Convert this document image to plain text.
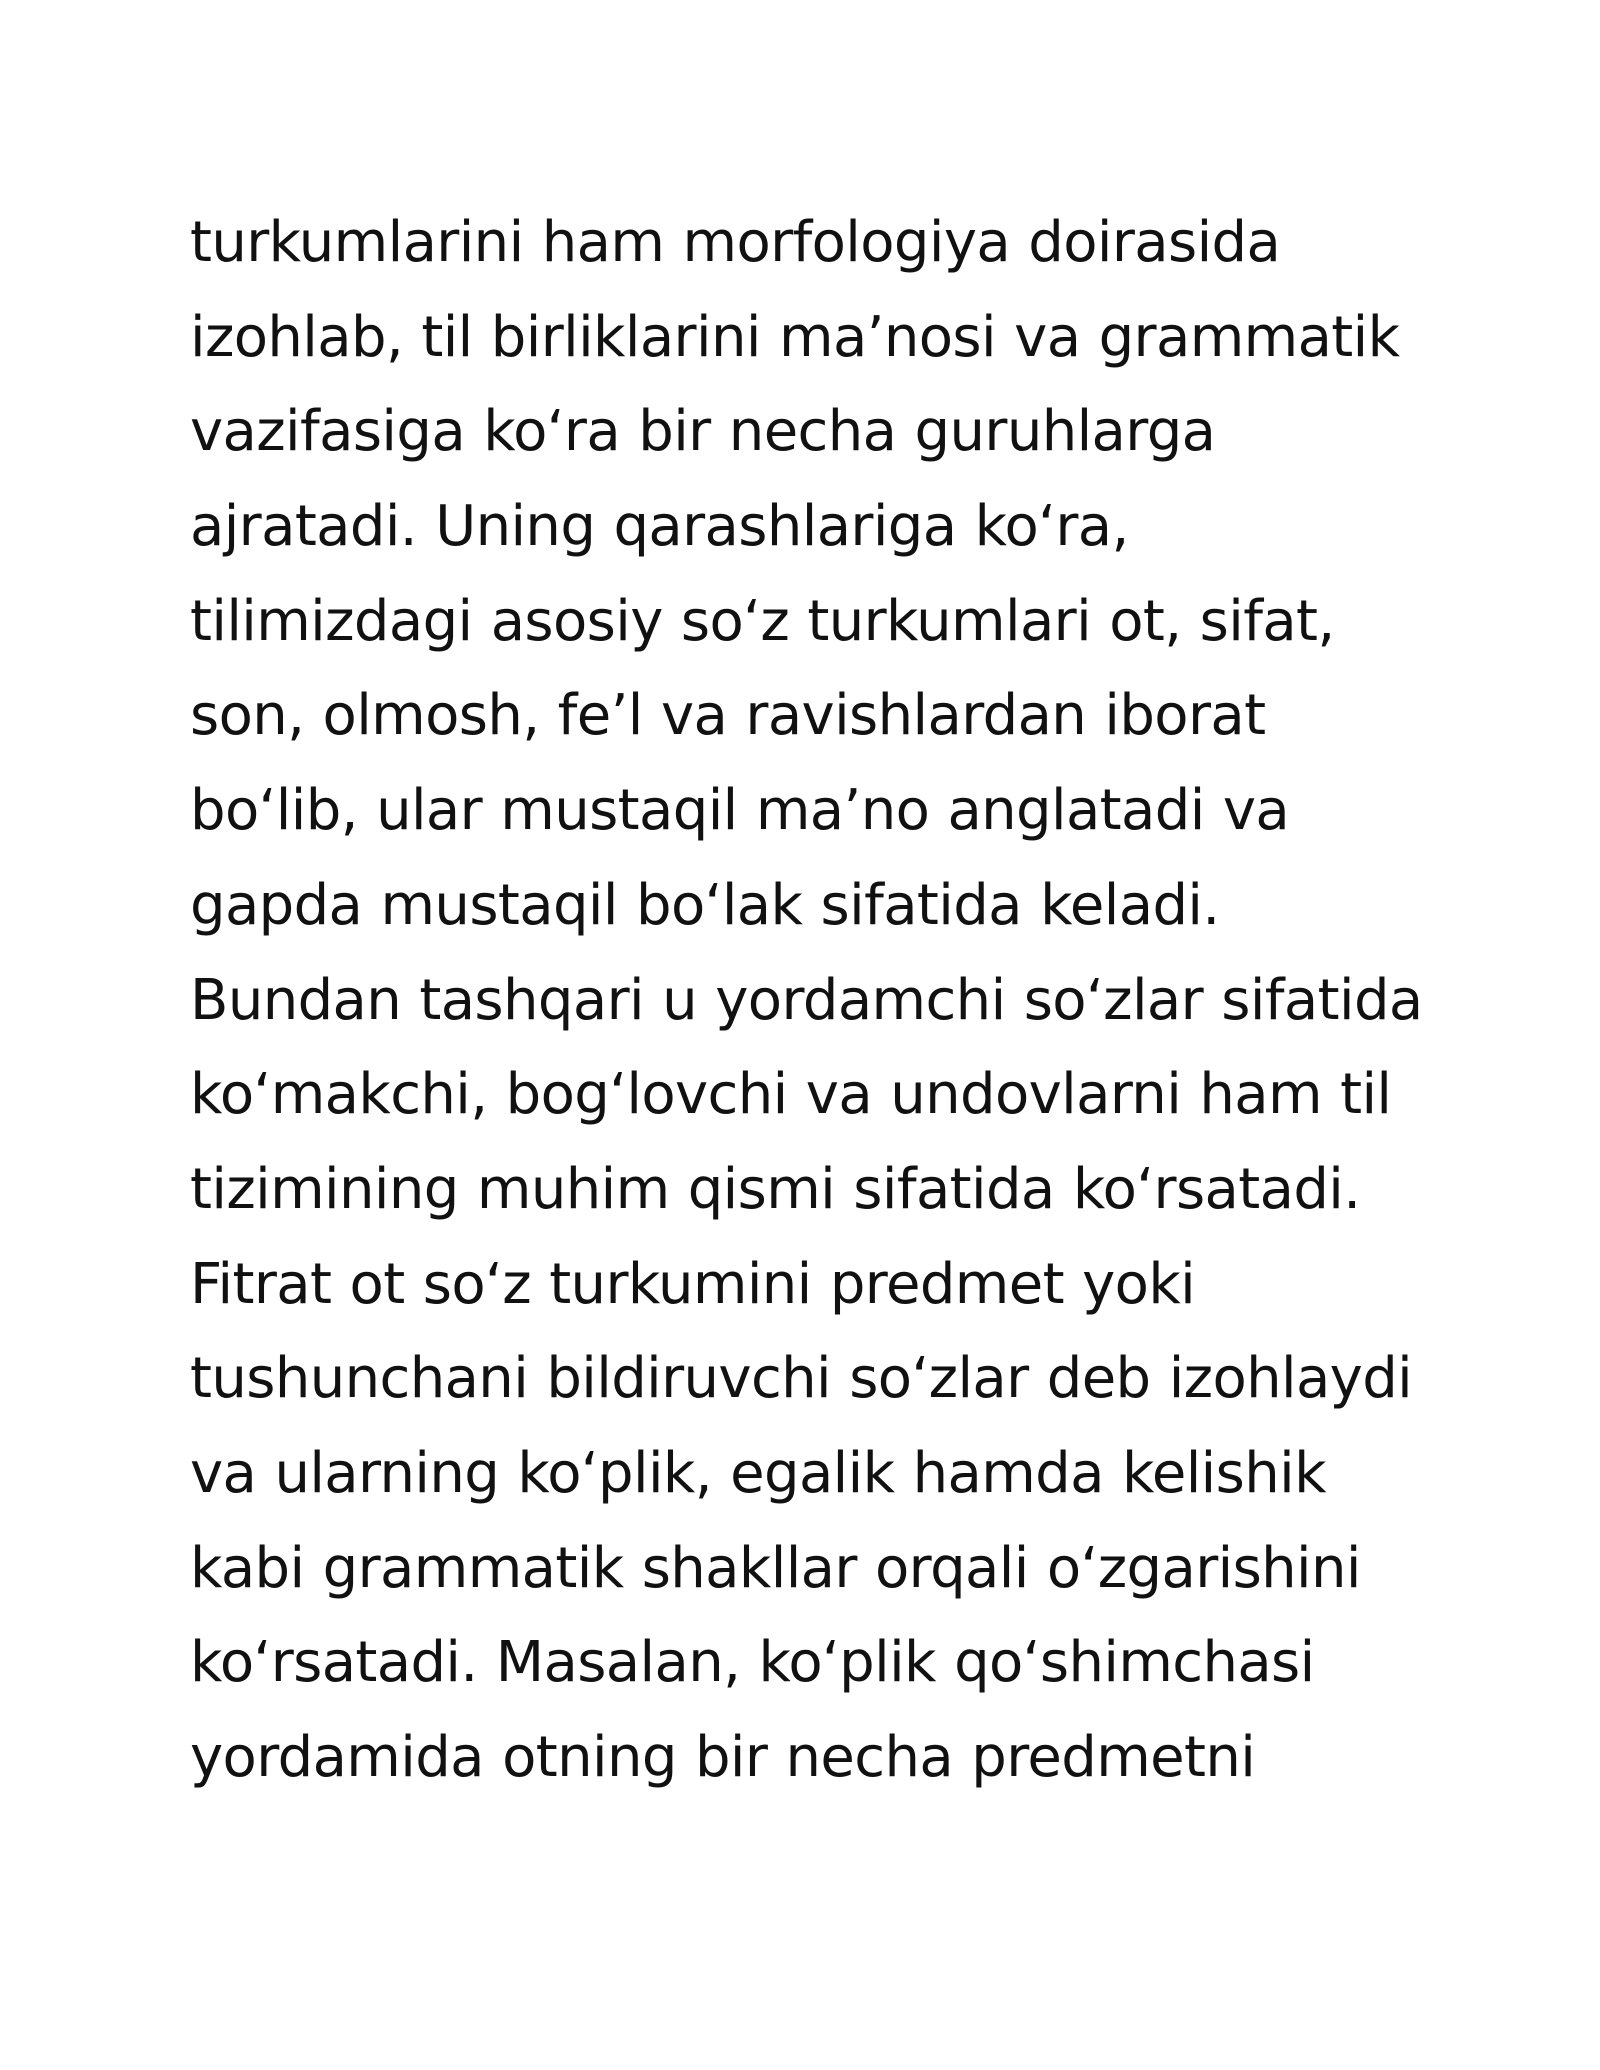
turkumlarini ham morfologiya doirasida
izohlab, til birliklarini ma’nosi va grammatik
vazifasiga ko‘ra bir necha guruhlarga
ajratadi. Uning qarashlariga ko‘ra,
tilimizdagi asosiy so‘z turkumlari ot, sifat,
son, olmosh, fe’l va ravishlardan iborat
bo‘lib, ular mustaqil ma’no anglatadi va
gapda mustaqil bo‘lak sifatida keladi.
Bundan tashqari u yordamchi so‘zlar sifatida
ko‘makchi, bog‘lovchi va undovlarni ham til
tizimining muhim qismi sifatida ko‘rsatadi.
Fitrat ot so‘z turkumini predmet yoki
tushunchani bildiruvchi so‘zlar deb izohlaydi
va ularning ko‘plik, egalik hamda kelishik
kabi grammatik shakllar orqali o‘zgarishini
ko‘rsatadi. Masalan, ko‘plik qo‘shimchasi
yordamida otning bir necha predmetni
